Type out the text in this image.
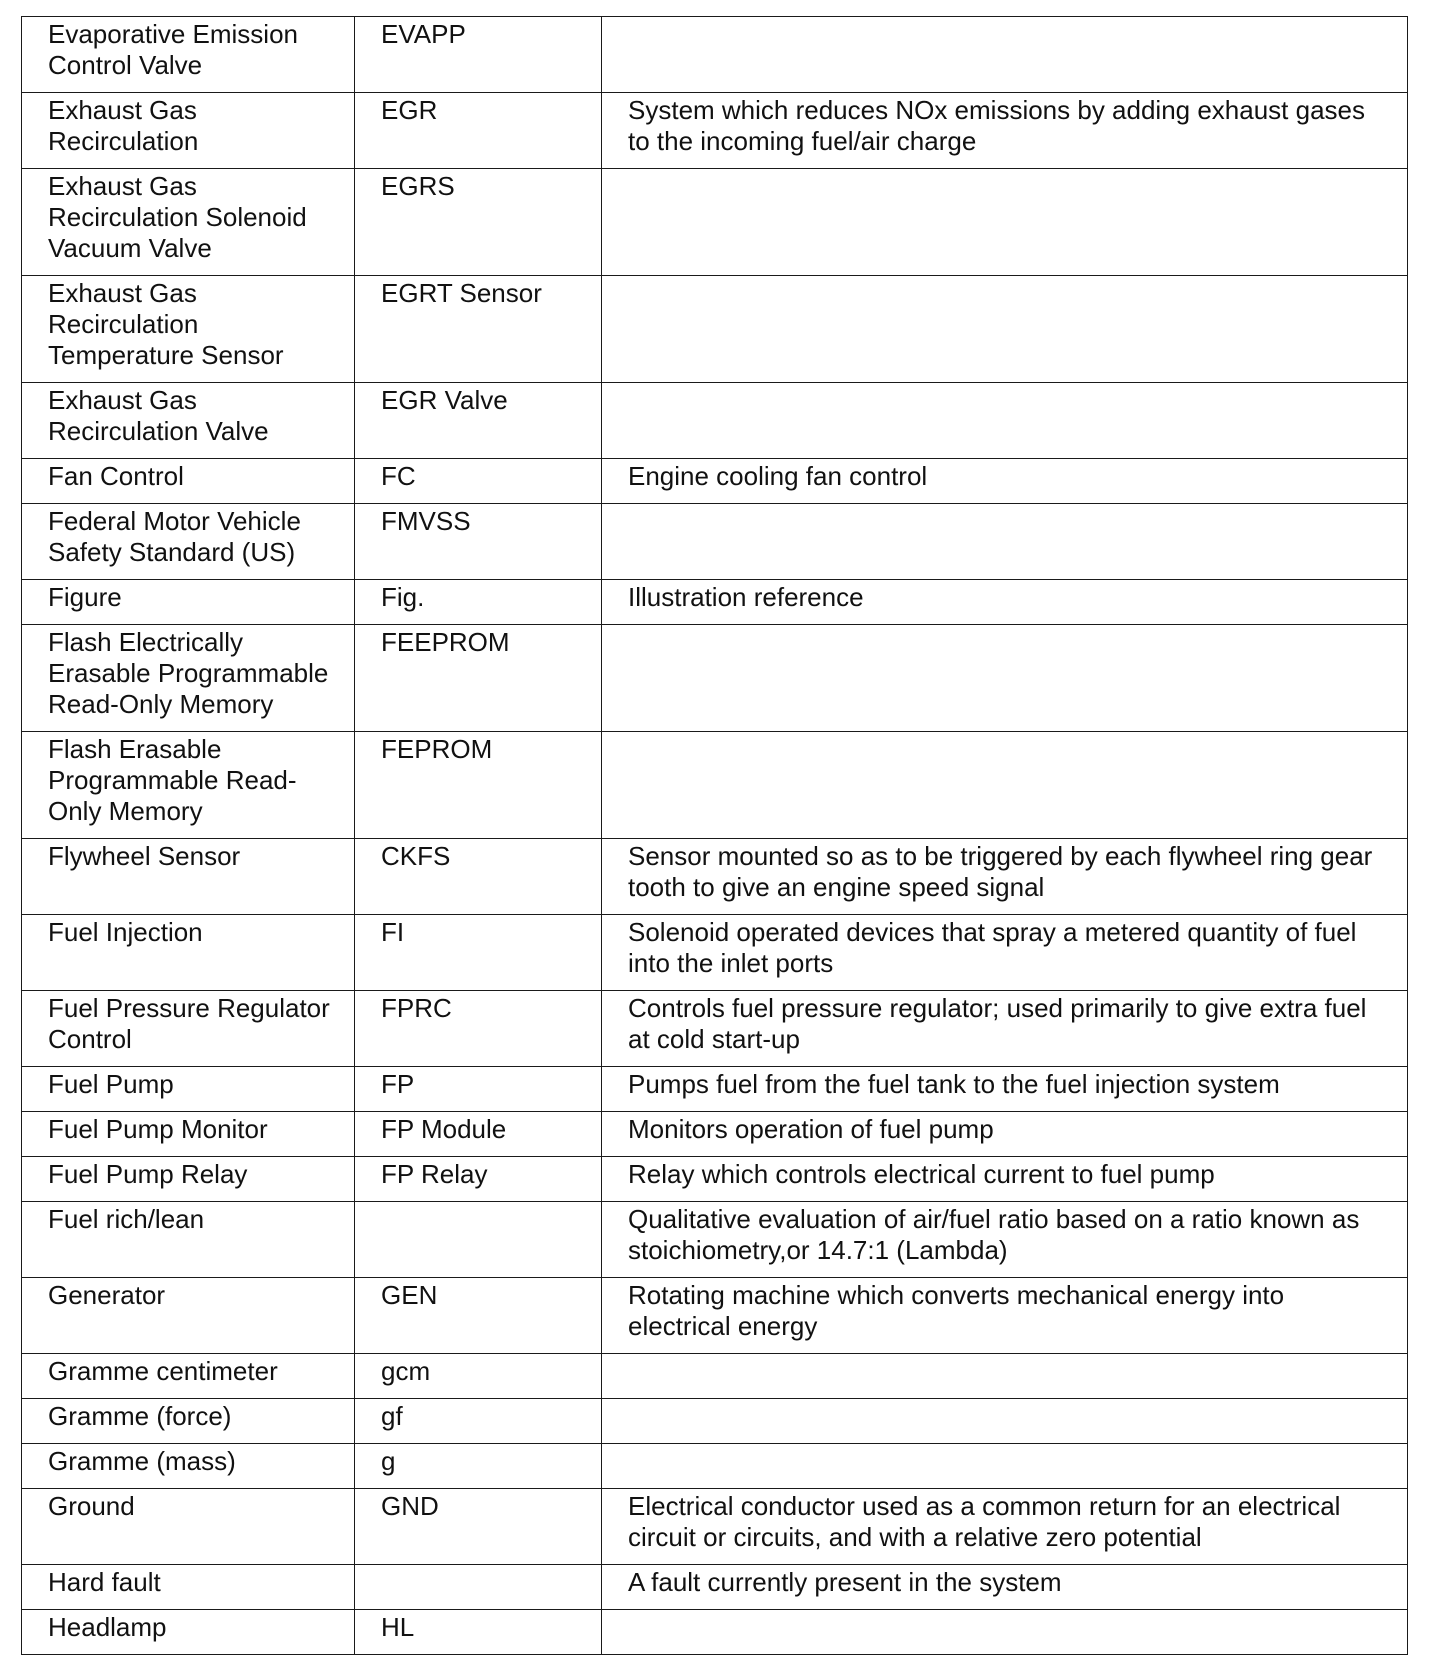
Evaporative Emission Control Valve	EVAPP	
Exhaust Gas Recirculation	EGR	System which reduces NOx emissions by adding exhaust gases to the incoming fuel/air charge
Exhaust Gas Recirculation Solenoid Vacuum Valve	EGRS	
Exhaust Gas Recirculation Temperature Sensor	EGRT Sensor	
Exhaust Gas Recirculation Valve	EGR Valve	
Fan Control	FC	Engine cooling fan control
Federal Motor Vehicle Safety Standard (US)	FMVSS	
Figure	Fig.	Illustration reference
Flash Electrically Erasable Programmable Read-Only Memory	FEEPROM	
Flash Erasable Programmable Read-Only Memory	FEPROM	
Flywheel Sensor	CKFS	Sensor mounted so as to be triggered by each flywheel ring gear tooth to give an engine speed signal
Fuel Injection	FI	Solenoid operated devices that spray a metered quantity of fuel into the inlet ports
Fuel Pressure Regulator Control	FPRC	Controls fuel pressure regulator; used primarily to give extra fuel at cold start-up
Fuel Pump	FP	Pumps fuel from the fuel tank to the fuel injection system
Fuel Pump Monitor	FP Module	Monitors operation of fuel pump
Fuel Pump Relay	FP Relay	Relay which controls electrical current to fuel pump
Fuel rich/lean		Qualitative evaluation of air/fuel ratio based on a ratio known as stoichiometry,or 14.7:1 (Lambda)
Generator	GEN	Rotating machine which converts mechanical energy into electrical energy
Gramme centimeter	gcm	
Gramme (force)	gf	
Gramme (mass)	g	
Ground	GND	Electrical conductor used as a common return for an electrical circuit or circuits, and with a relative zero potential
Hard fault		A fault currently present in the system
Headlamp	HL	
